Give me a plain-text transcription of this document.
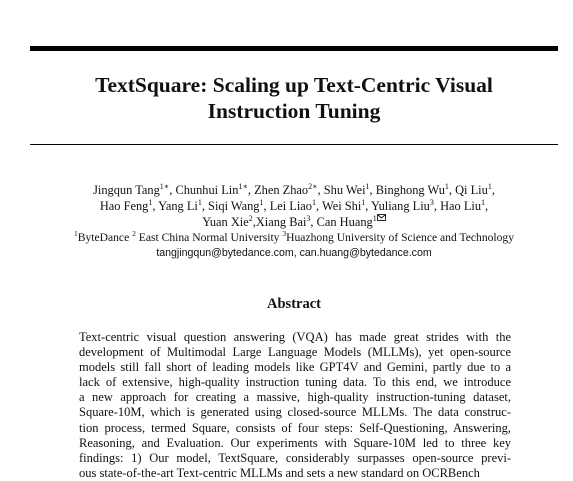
TextSquare: Scaling up Text-Centric Visual
Instruction Tuning
Jingqun Tang$^{1∗}$, Chunhui Lin$^{1∗}$, Zhen Zhao$^{2∗}$, Shu Wei$^1$, Binghong Wu$^1$, Qi Liu$^1$,
Hao Feng$^1$, Yang Li$^1$, Siqi Wang$^1$, Lei Liao$^1$, Wei Shi$^1$, Yuliang Liu$^3$, Hao Liu$^1$,
Yuan Xie$^2$,Xiang Bai$^3$, Can Huang$^1$
$^1$ByteDance $^2$ East China Normal University $^3$Huazhong University of Science and Technology
tangjingqun@bytedance.com, can.huang@bytedance.com
Abstract
Text-centric visual question answering (VQA) has made great strides with the
development of Multimodal Large Language Models (MLLMs), yet open-source
models still fall short of leading models like GPT4V and Gemini, partly due to a
lack of extensive, high-quality instruction tuning data. To this end, we introduce
a new approach for creating a massive, high-quality instruction-tuning dataset,
Square-10M, which is generated using closed-source MLLMs. The data construc-
tion process, termed Square, consists of four steps: Self-Questioning, Answering,
Reasoning, and Evaluation. Our experiments with Square-10M led to three key
findings: 1) Our model, TextSquare, considerably surpasses open-source previ-
ous state-of-the-art Text-centric MLLMs and sets a new standard on OCRBench
